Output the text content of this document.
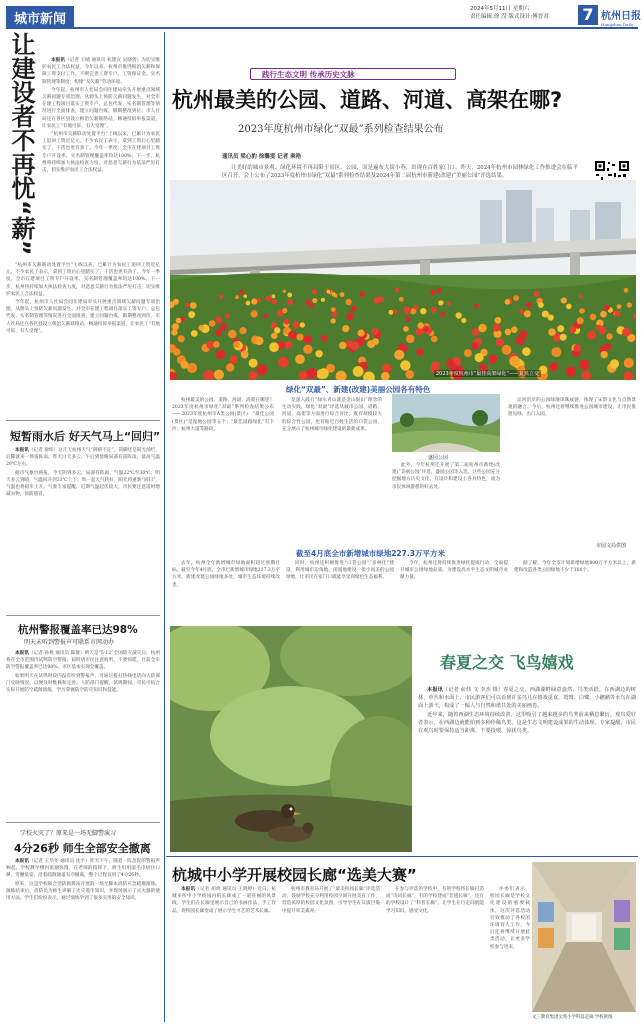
城市新闻
2024年5月11日 星期六
责任编辑:徐 滢 版式设计:傅晋君 7 杭州日报
Hangzhou Daily
让建设者不再忧“薪”	本报讯（记者 王晴 通讯员 杭建宣 吴晓倩）为切实维护农民工合法权益，今年以来，杭州市推进根治欠薪和保障工资支付工作，不断完善工资专户、工资保证金、实名制管理等制度，构建“无欠薪”劳动环境。

今年起，杭州市人社局会同住建局牵头开展重点领域欠薪问题专项治理，从源头上预防欠薪问题发生。对全市在建工程项目落实工资专户、总包代发、实名制管理等情况进行全面排查，建立问题台账，限期整改到位。市人社局还在各区县设立根治欠薪联络站，畅通投诉举报渠道，让农民工“有地可诉、有人受理”。

“杭州市欠薪联动处置平台”上线以来，已累计为农民工追回工资近亿元。不少农民工表示，拿到工资后心里踏实了，干活也更有劲了。今年一季度，全市在建项目工资专户开设率、实名制管理覆盖率均达100%。下一步，杭州将持续加大执法检查力度，对恶意欠薪行为依法严厉打击，切实维护农民工合法权益。

“杭州市欠薪联动处置平台”上线以来，已累计为农民工追回工资近亿元。不少农民工表示，拿到工资后心里踏实了，干活也更有劲了。今年一季度，全市在建项目工资专户开设率、实名制管理覆盖率均达100%。下一步，杭州将持续加大执法检查力度，对恶意欠薪行为依法严厉打击，切实维护农民工合法权益。

今年起，杭州市人社局会同住建局牵头开展重点领域欠薪问题专项治理，从源头上预防欠薪问题发生。对全市在建工程项目落实工资专户、总包代发、实名制管理等情况进行全面排查，建立问题台账，限期整改到位。市人社局还在各区县设立根治欠薪联络站，畅通投诉举报渠道，让农民工“有地可诉、有人受理”。

短暂雨水后 好天气马上“回归”

本报讯（记者 俞炜）这几天杭州天气“阴晴不定”，前脚还是阳光灿烂，后脚就来一场雷阵雨。昨天白天多云，午后到傍晚局部有雷阵雨，最高气温29℃左右。

据市气象台预报，今天阴到多云，局部有阵雨，气温22℃至30℃；明天多云到晴，气温回升到31℃上下；周一起天气转好，阳光将重新“回归”，气温也将稳步上升。气象专家提醒，近期气温起伏较大，市民要注意适时增减衣物，预防感冒。

杭州警报覆盖率已达98%
明天未听到警报声可联系市网动办

本报讯（记者 孙燕 通讯员 陈敏）明天是“5·12”全国防灾减灾日，杭州将在全市范围内试鸣防空警报。届时请市民注意收听，不要惊慌。目前全市防空警报覆盖率已达98%，市区基本实现全覆盖。

如果明天在试鸣时段内没有听到警报声，可通过拨打热线电话向人防部门反映情况，以便及时维修和完善。人防部门提醒，试鸣期间，市民可结合实际开展防空疏散演练，学习掌握防空防灾知识和技能。

学校火灾了？原来是一场无脚警演习
4分26秒 师生全部安全撤离

本报讯（记者 王华冬 通讯员 沈宇）昨天下午，随着一阵急促的警报声响起，学校教学楼内浓烟弥漫。在老师的指挥下，师生们用湿毛巾捂住口鼻，弯腰低姿，沿着疏散通道有序撤离，整个过程仅用了4分26秒。

原来，这是学校联合消防救援站开展的一场无脚本消防应急疏散演练。演练结束后，消防员为师生讲解了火灾逃生知识，并现场演示了灭火器的使用方法。学生们纷纷表示，通过演练学到了很多实用的安全知识。

践行生态文明 传承历史文脉
杭州最美的公园、道路、河道、高架在哪?
2023年度杭州市绿化“双最”系列检查结果公布
通讯员 梁心豹 徐馨雯 记者 乘艳

让美好的城市景观、绿化环境不再局限于景区、公园，而是遍布大街小巷，出现在百姓家门口。昨天，2024年杭州市园林绿化工作推进会在临平区召开，会上公布了2023年度杭州市绿化“双最”系列检查结果及2024年第二届杭州市新建(改建)“美丽公园”评选结果。

2023年度杭州市“最佳高架绿化”——复兴立交
绿化“双最”、新建(改建)美丽公园各有特色

杭州最美的公园、道路、河道、高架在哪里？2023年度杭州市绿化“双最”系列检查结果公布——2023年度杭州市A类公园(景区)：“最佳公园(景区)”是湿地公园等五个；“最佳道路绿化”有下沙、杭州大道等路段。

是深入践行“绿水青山就是金山银山”理念的生动实践。绿化“双最”评选从城市公园、道路、河道、高架等方面进行综合评比，既有规模较大的综合性公园，也有贴近百姓生活的口袋公园，充分展示了杭州城市绿化建设的最新成果。

盛园公园

此外，今年杭州还开展了第二届杭州市新建(改建)“美丽公园”评选，盛园公园等入选。这些公园充分挖掘地方历史文化，在设计和建设上各具特色，成为市民休闲游憩的好去处。

运河沿岸的公园绿地串珠成链，体现了宋韵文化与自然景观的融合。今后，杭州还将继续推进公园城市建设，让市民推窗见绿、出门入园。

市园文局供图
截至4月底全市新增城市绿地227.3万平方米

去年，杭州全年新增城市绿地面积超过预期目标。截至今年4月底，全市已新增城市绿地227.3万平方米，新建改建公园绿地多处，城市生态环境持续改善。

同时，杭州还积极推进“口袋公园”“多林化”建设，利用城市边角地、闲置地建设一批小而美的公园绿地，让市民在家门口就能享受到绿色生态福利。

今年，杭州还将持续推进绿化提质行动，全面提升城市公园绿地品质，为建设高水平生态文明城市贡献力量。

据了解，今年全市计划新增绿地800万平方米以上，新建和改造各类公园绿地不少于100个。

春夏之交 飞鸟嬉戏

本报讯（记者 俞炜 文 李杰 摄）春夏之交，西湖湖畔绿意盎然，鸟类活跃。在西湖边的树林、草丛和水面上，市民游客们可以看到许多鸟儿在嬉戏觅食，鸳鸯、白鹭、小䴙䴘等水鸟在湖面上游弋，构成了一幅人与自然和谐共处的美丽画卷。

近年来，随着西湖生态环境持续改善，这里吸引了越来越多的鸟类前来栖息繁衍。观鸟爱好者表示，在西湖边就能拍到多种珍稀鸟类，这是生态文明建设成果的生动体现。专家提醒，市民在观鸟时要保持适当距离，不要投喂、惊扰鸟类。

杭城中小学开展校园长廊“选美大赛”

本报讯（记者 胡鸿 通讯员 王晓婷）近日，杭城多所中小学校园内的长廊成了一道亮丽的风景线。学生们在长廊里展示自己的书画作品、手工作品，将校园长廊变成了展示学生才艺的艺术长廊。

杭州市教育局开展了“最美校园长廊”评选活动，鼓励学校充分利用校园空间开展美育工作，营造浓厚的校园文化氛围，引导学生在耳濡目染中提升审美素养。

在参与评选的学校中，有的学校将长廊打造成“诗词长廊”，有的学校建成“非遗长廊”，还有的学校设计了“科普长廊”，让学生在行走间就能学习知识、感受文化。

评委们表示，校园长廊是学校文化建设的重要载体，这次评选活动有效推动了各校的环境育人工作，今后还将继续开展此类活动，让更多学校参与进来。

文三教育集团文苑小学科技走廊 学校供图
